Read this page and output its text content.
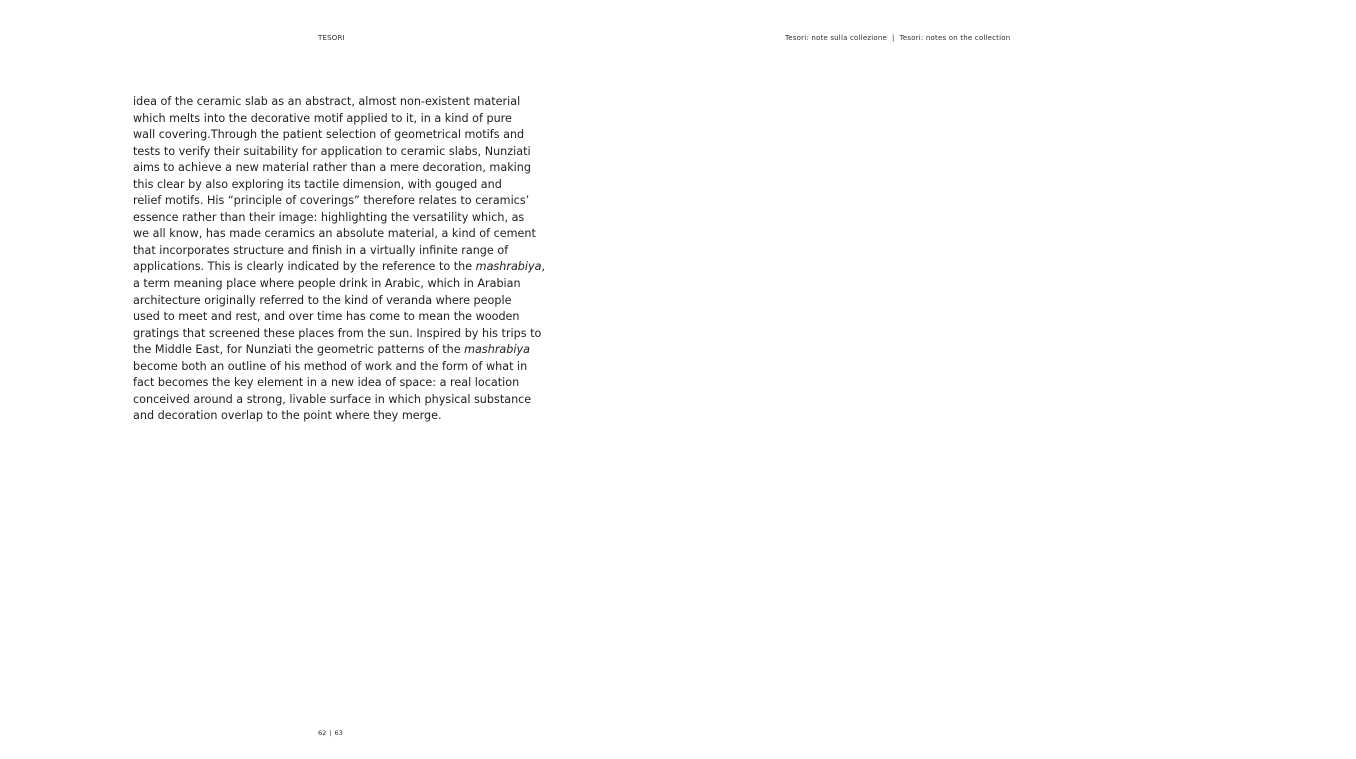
TESORI	Tesori: note sulla collezione | Tesori: notes on the collection
idea of the ceramic slab as an abstract, almost non-existent material
which melts into the decorative motif applied to it, in a kind of pure
wall covering.Through the patient selection of geometrical motifs and
tests to verify their suitability for application to ceramic slabs, Nunziati
aims to achieve a new material rather than a mere decoration, making
this clear by also exploring its tactile dimension, with gouged and
relief motifs. His “principle of coverings” therefore relates to ceramics’
essence rather than their image: highlighting the versatility which, as
we all know, has made ceramics an absolute material, a kind of cement
that incorporates structure and finish in a virtually infinite range of
applications. This is clearly indicated by the reference to the mashrabiya,
a term meaning place where people drink in Arabic, which in Arabian
architecture originally referred to the kind of veranda where people
used to meet and rest, and over time has come to mean the wooden
gratings that screened these places from the sun. Inspired by his trips to
the Middle East, for Nunziati the geometric patterns of the mashrabiya
become both an outline of his method of work and the form of what in
fact becomes the key element in a new idea of space: a real location
conceived around a strong, livable surface in which physical substance
and decoration overlap to the point where they merge.
62 | 63
